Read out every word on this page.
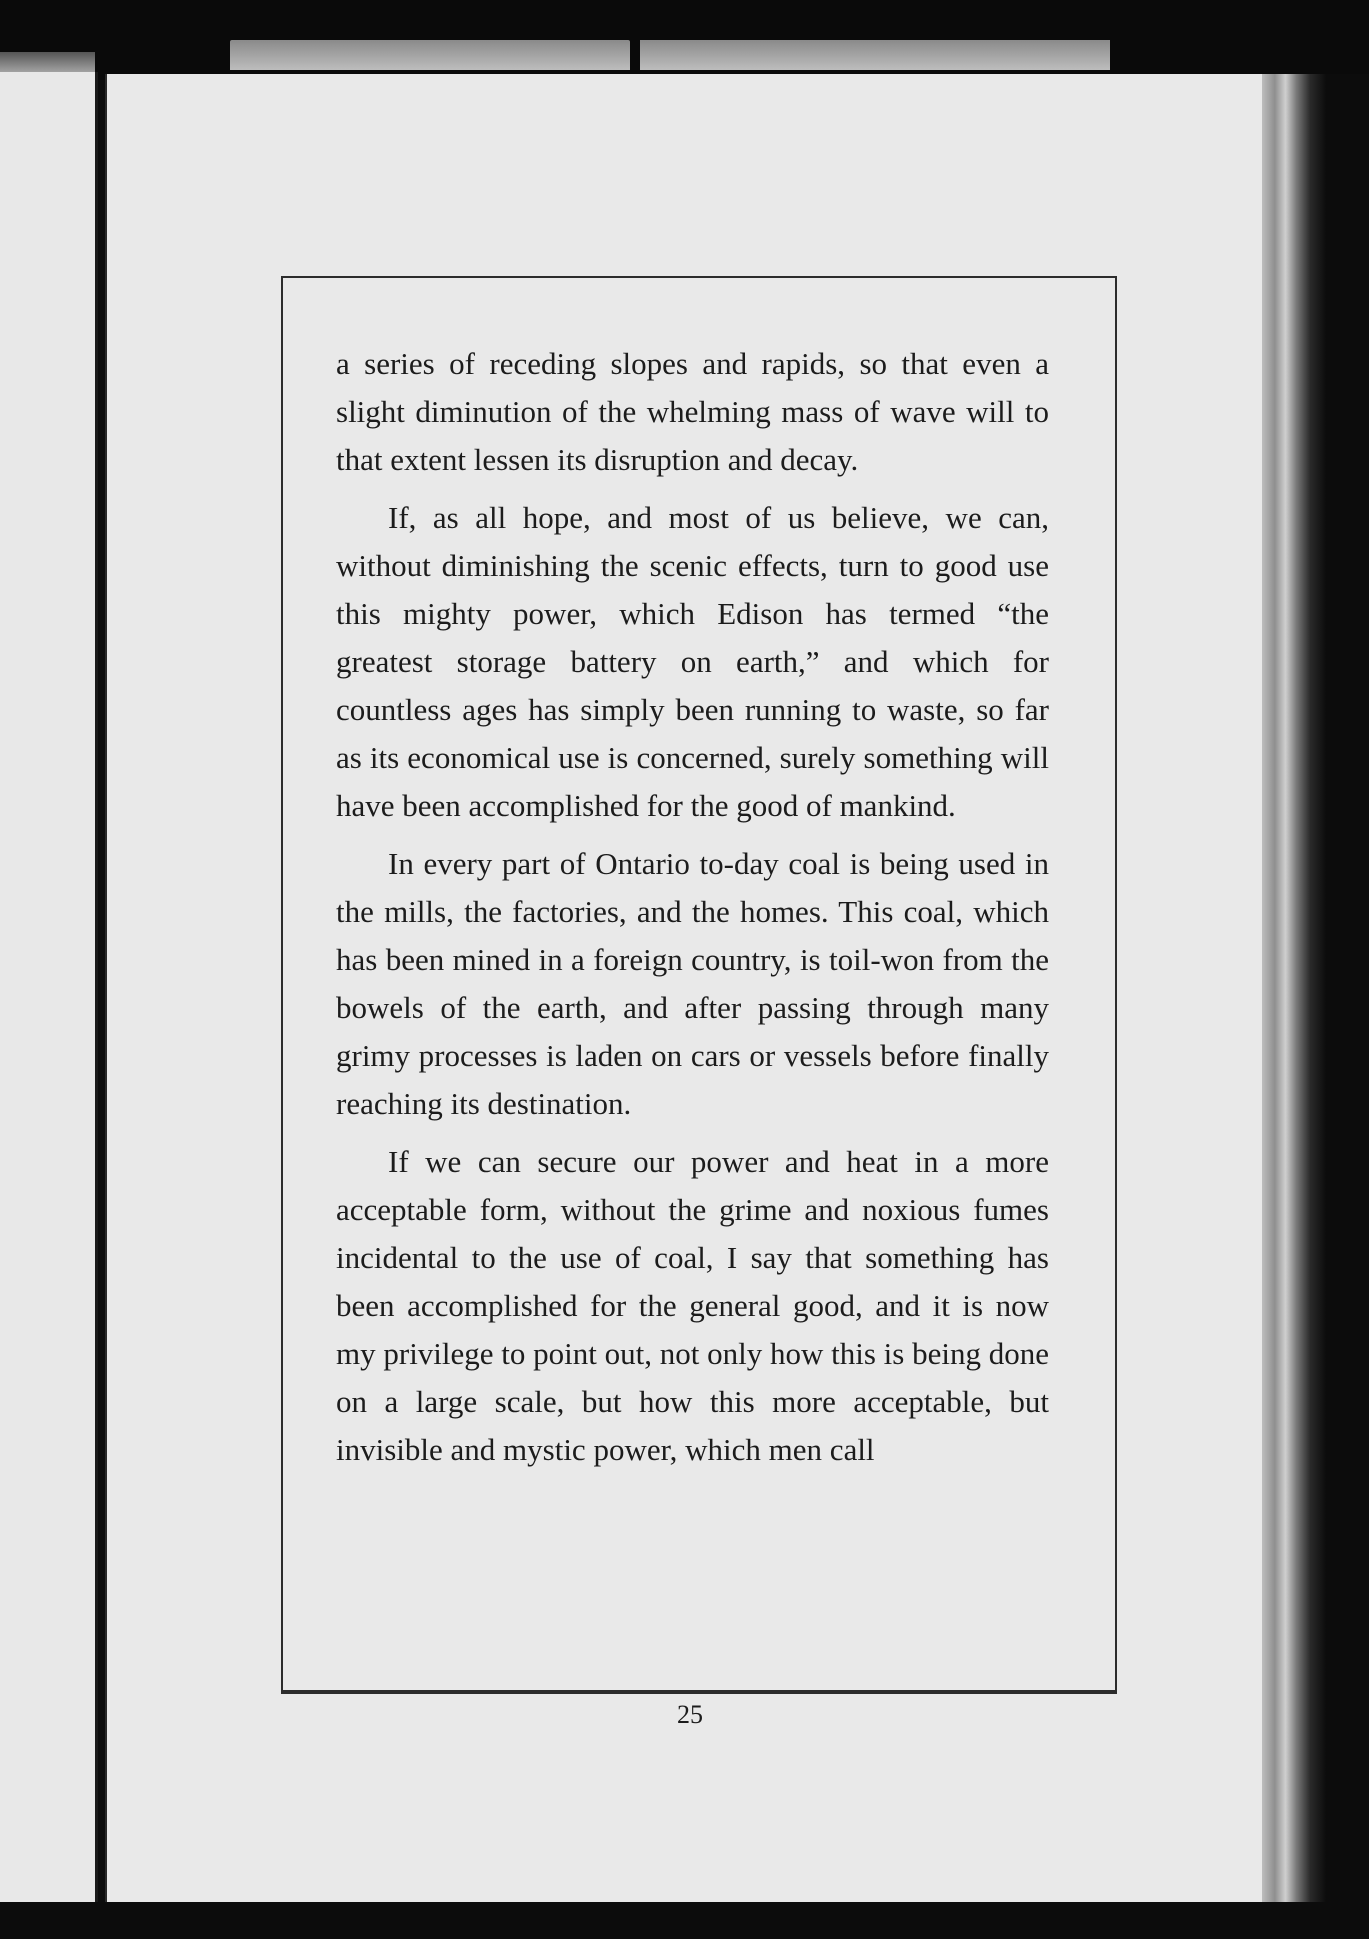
a series of receding slopes and rapids, so that even a slight diminution of the whelming mass of wave will to that extent lessen its disruption and decay.

If, as all hope, and most of us believe, we can, without diminishing the scenic effects, turn to good use this mighty power, which Edison has termed “the greatest storage battery on earth,” and which for countless ages has simply been running to waste, so far as its economical use is concerned, surely something will have been accomplished for the good of mankind.

In every part of Ontario to-day coal is being used in the mills, the factories, and the homes. This coal, which has been mined in a foreign country, is toil-won from the bowels of the earth, and after passing through many grimy processes is laden on cars or vessels before finally reaching its destination.

If we can secure our power and heat in a more acceptable form, without the grime and noxious fumes incidental to the use of coal, I say that something has been accomplished for the general good, and it is now my privilege to point out, not only how this is being done on a large scale, but how this more acceptable, but invisible and mystic power, which men call

25
